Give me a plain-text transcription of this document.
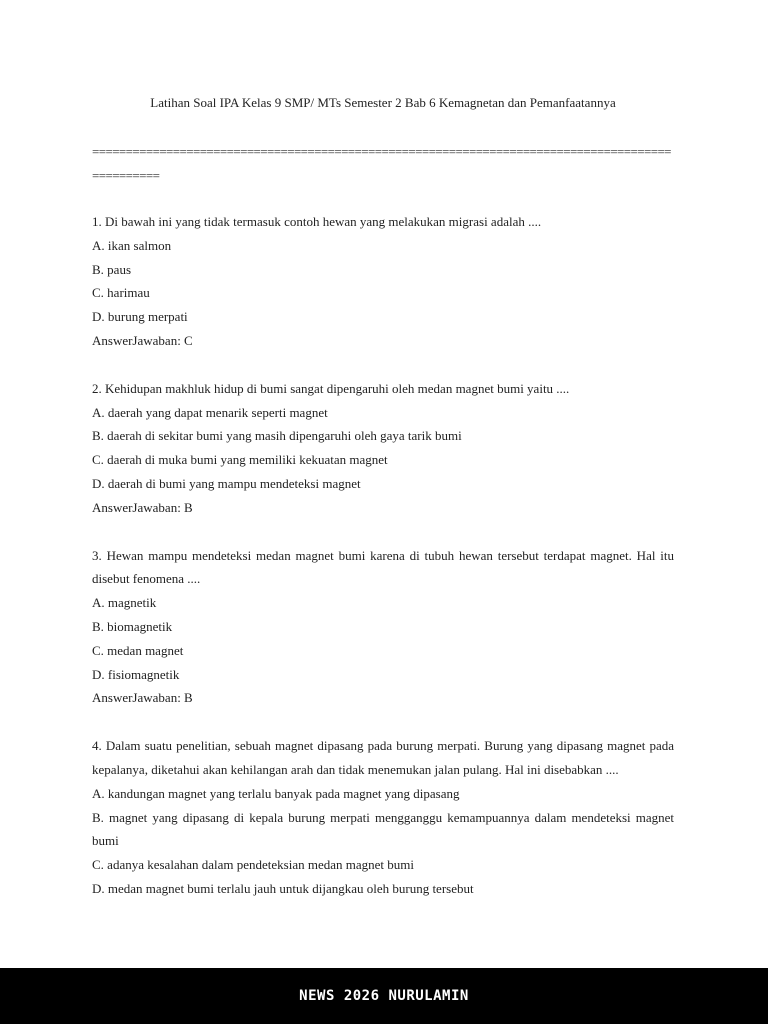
Latihan Soal IPA Kelas 9 SMP/ MTs Semester 2 Bab 6 Kemagnetan dan Pemanfaatannya
================================================================================================

1. Di bawah ini yang tidak termasuk contoh hewan yang melakukan migrasi adalah ....

A. ikan salmon

B. paus

C. harimau

D. burung merpati

AnswerJawaban: C

2. Kehidupan makhluk hidup di bumi sangat dipengaruhi oleh medan magnet bumi yaitu ....

A. daerah yang dapat menarik seperti magnet

B. daerah di sekitar bumi yang masih dipengaruhi oleh gaya tarik bumi

C. daerah di muka bumi yang memiliki kekuatan magnet

D. daerah di bumi yang mampu mendeteksi magnet

AnswerJawaban: B

3. Hewan mampu mendeteksi medan magnet bumi karena di tubuh hewan tersebut terdapat magnet. Hal itu disebut fenomena ....

A. magnetik

B. biomagnetik

C. medan magnet

D. fisiomagnetik

AnswerJawaban: B

4. Dalam suatu penelitian, sebuah magnet dipasang pada burung merpati. Burung yang dipasang magnet pada kepalanya, diketahui akan kehilangan arah dan tidak menemukan jalan pulang. Hal ini disebabkan ....

A. kandungan magnet yang terlalu banyak pada magnet yang dipasang

B. magnet yang dipasang di kepala burung merpati mengganggu kemampuannya dalam mendeteksi magnet bumi

C. adanya kesalahan dalam pendeteksian medan magnet bumi

D. medan magnet bumi terlalu jauh untuk dijangkau oleh burung tersebut

NEWS 2026 NURULAMIN
